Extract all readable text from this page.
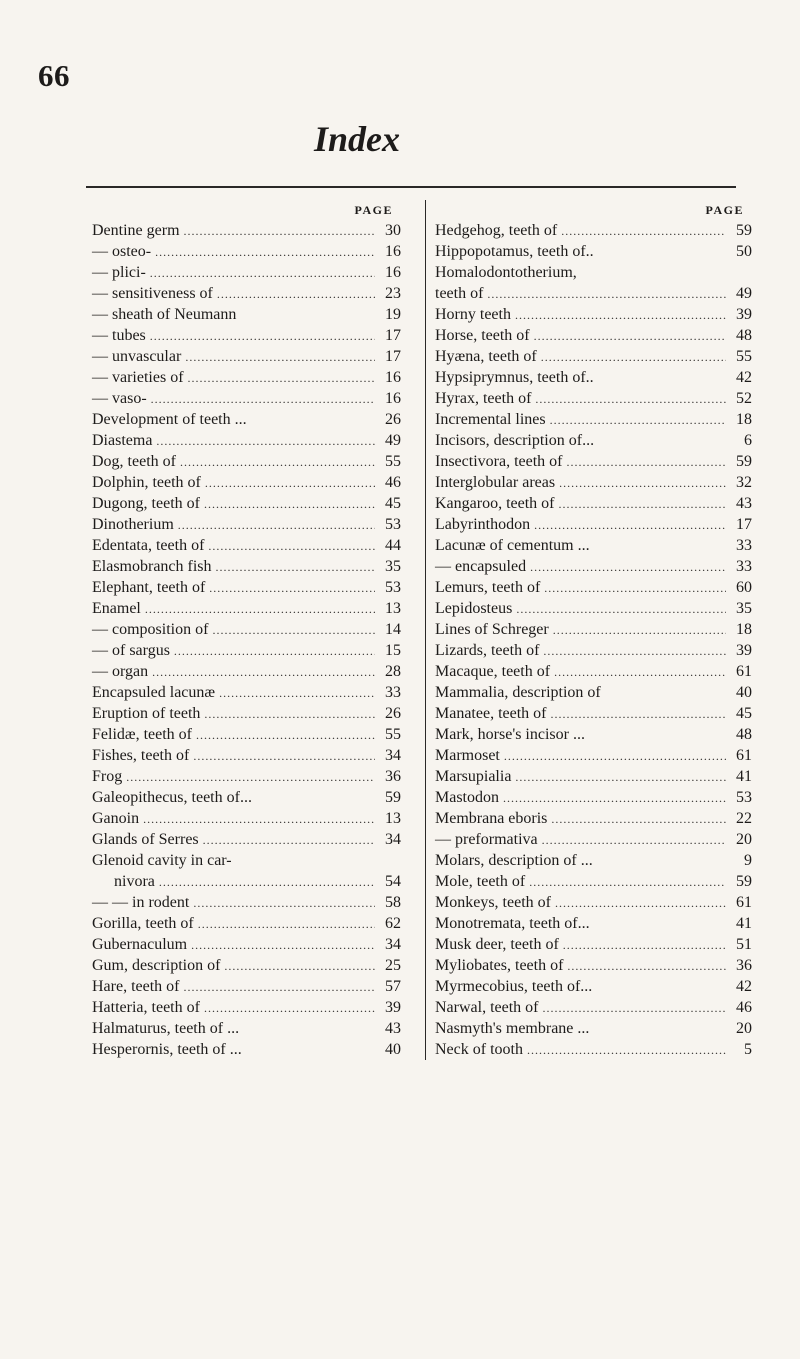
66
Index
PAGE
Dentine germ . . .	30
— osteo- . . .	16
— plici- . . .	16
— sensitiveness of . . .	23
— sheath of Neumann	19
— tubes . . .	17
— unvascular . . .	17
— varieties of . . .	16
— vaso- . . .	16
Development of teeth ...	26
Diastema . . .	49
Dog, teeth of . . .	55
Dolphin, teeth of . . .	46
Dugong, teeth of . . .	45
Dinotherium . . .	53
Edentata, teeth of . . .	44
Elasmobranch fish . . .	35
Elephant, teeth of . . .	53
Enamel . . .	13
— composition of . . .	14
— of sargus . . .	15
— organ . . .	28
Encapsuled lacunæ . . .	33
Eruption of teeth . . .	26
Felidæ, teeth of . . .	55
Fishes, teeth of . . .	34
Frog . . .	36
Galeopithecus, teeth of...	59
Ganoin . . .	13
Glands of Serres . . .	34
Glenoid cavity in car-
nivora . . .	54
— — in rodent . . .	58
Gorilla, teeth of . . .	62
Gubernaculum . . .	34
Gum, description of . . .	25
Hare, teeth of . . .	57
Hatteria, teeth of . . .	39
Halmaturus, teeth of ...	43
Hesperornis, teeth of ...	40
PAGE
Hedgehog, teeth of . . .	59
Hippopotamus, teeth of..	50
Homalodontotherium,
teeth of . . .	49
Horny teeth . . .	39
Horse, teeth of . . .	48
Hyæna, teeth of . . .	55
Hypsiprymnus, teeth of..	42
Hyrax, teeth of . . .	52
Incremental lines . . .	18
Incisors, description of...	6
Insectivora, teeth of . . .	59
Interglobular areas . . .	32
Kangaroo, teeth of . . .	43
Labyrinthodon . . .	17
Lacunæ of cementum ...	33
— encapsuled . . .	33
Lemurs, teeth of . . .	60
Lepidosteus . . .	35
Lines of Schreger . . .	18
Lizards, teeth of . . .	39
Macaque, teeth of . . .	61
Mammalia, description of	40
Manatee, teeth of . . .	45
Mark, horse's incisor ...	48
Marmoset . . .	61
Marsupialia . . .	41
Mastodon . . .	53
Membrana eboris . . .	22
— preformativa . . .	20
Molars, description of ...	9
Mole, teeth of . . .	59
Monkeys, teeth of . . .	61
Monotremata, teeth of...	41
Musk deer, teeth of . . .	51
Myliobates, teeth of . . .	36
Myrmecobius, teeth of...	42
Narwal, teeth of . . .	46
Nasmyth's membrane ...	20
Neck of tooth . . .	5
